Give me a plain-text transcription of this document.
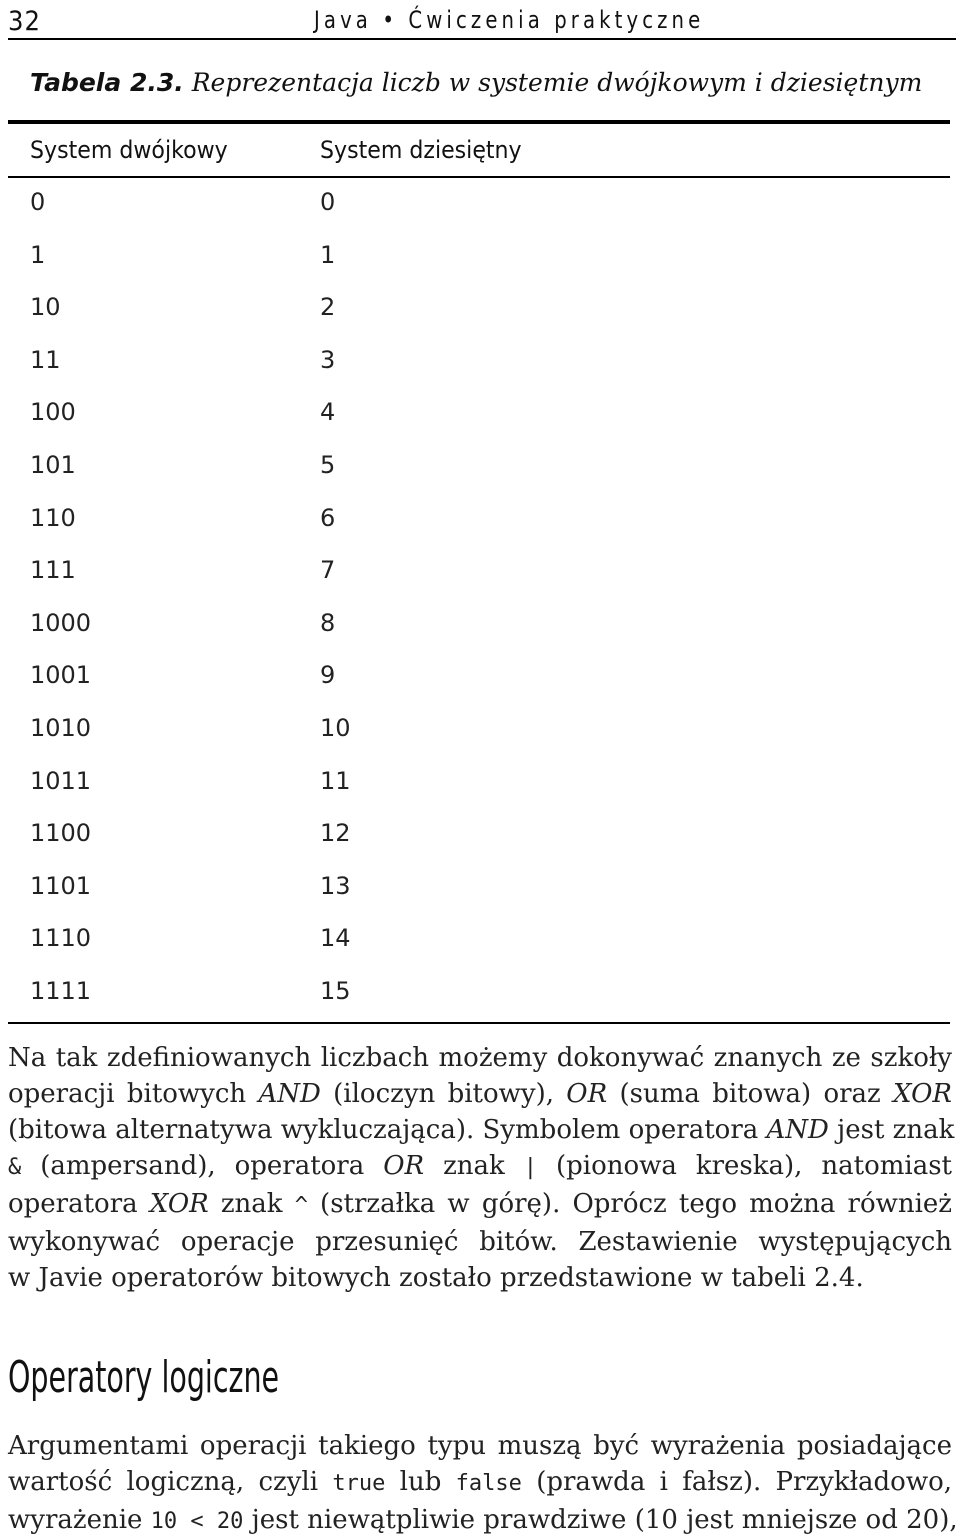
32	Java • Ćwiczenia praktyczne
Tabela 2.3. Reprezentacja liczb w systemie dwójkowym i dziesiętnym
System dwójkowy	System dziesiętny
0	0
1	1
10	2
11	3
100	4
101	5
110	6
111	7
1000	8
1001	9
1010	10
1011	11
1100	12
1101	13
1110	14
1111	15
Na tak zdefiniowanych liczbach możemy dokonywać znanych ze szkoły
operacji bitowych AND (iloczyn bitowy), OR (suma bitowa) oraz XOR
(bitowa alternatywa wykluczająca). Symbolem operatora AND jest znak
& (ampersand), operatora OR znak | (pionowa kreska), natomiast
operatora XOR znak ^ (strzałka w górę). Oprócz tego można również
wykonywać operacje przesunięć bitów. Zestawienie występujących
w Javie operatorów bitowych zostało przedstawione w tabeli 2.4.
Operatory logiczne
Argumentami operacji takiego typu muszą być wyrażenia posiadające
wartość logiczną, czyli true lub false (prawda i fałsz). Przykładowo,
wyrażenie 10 < 20 jest niewątpliwie prawdziwe (10 jest mniejsze od 20),
